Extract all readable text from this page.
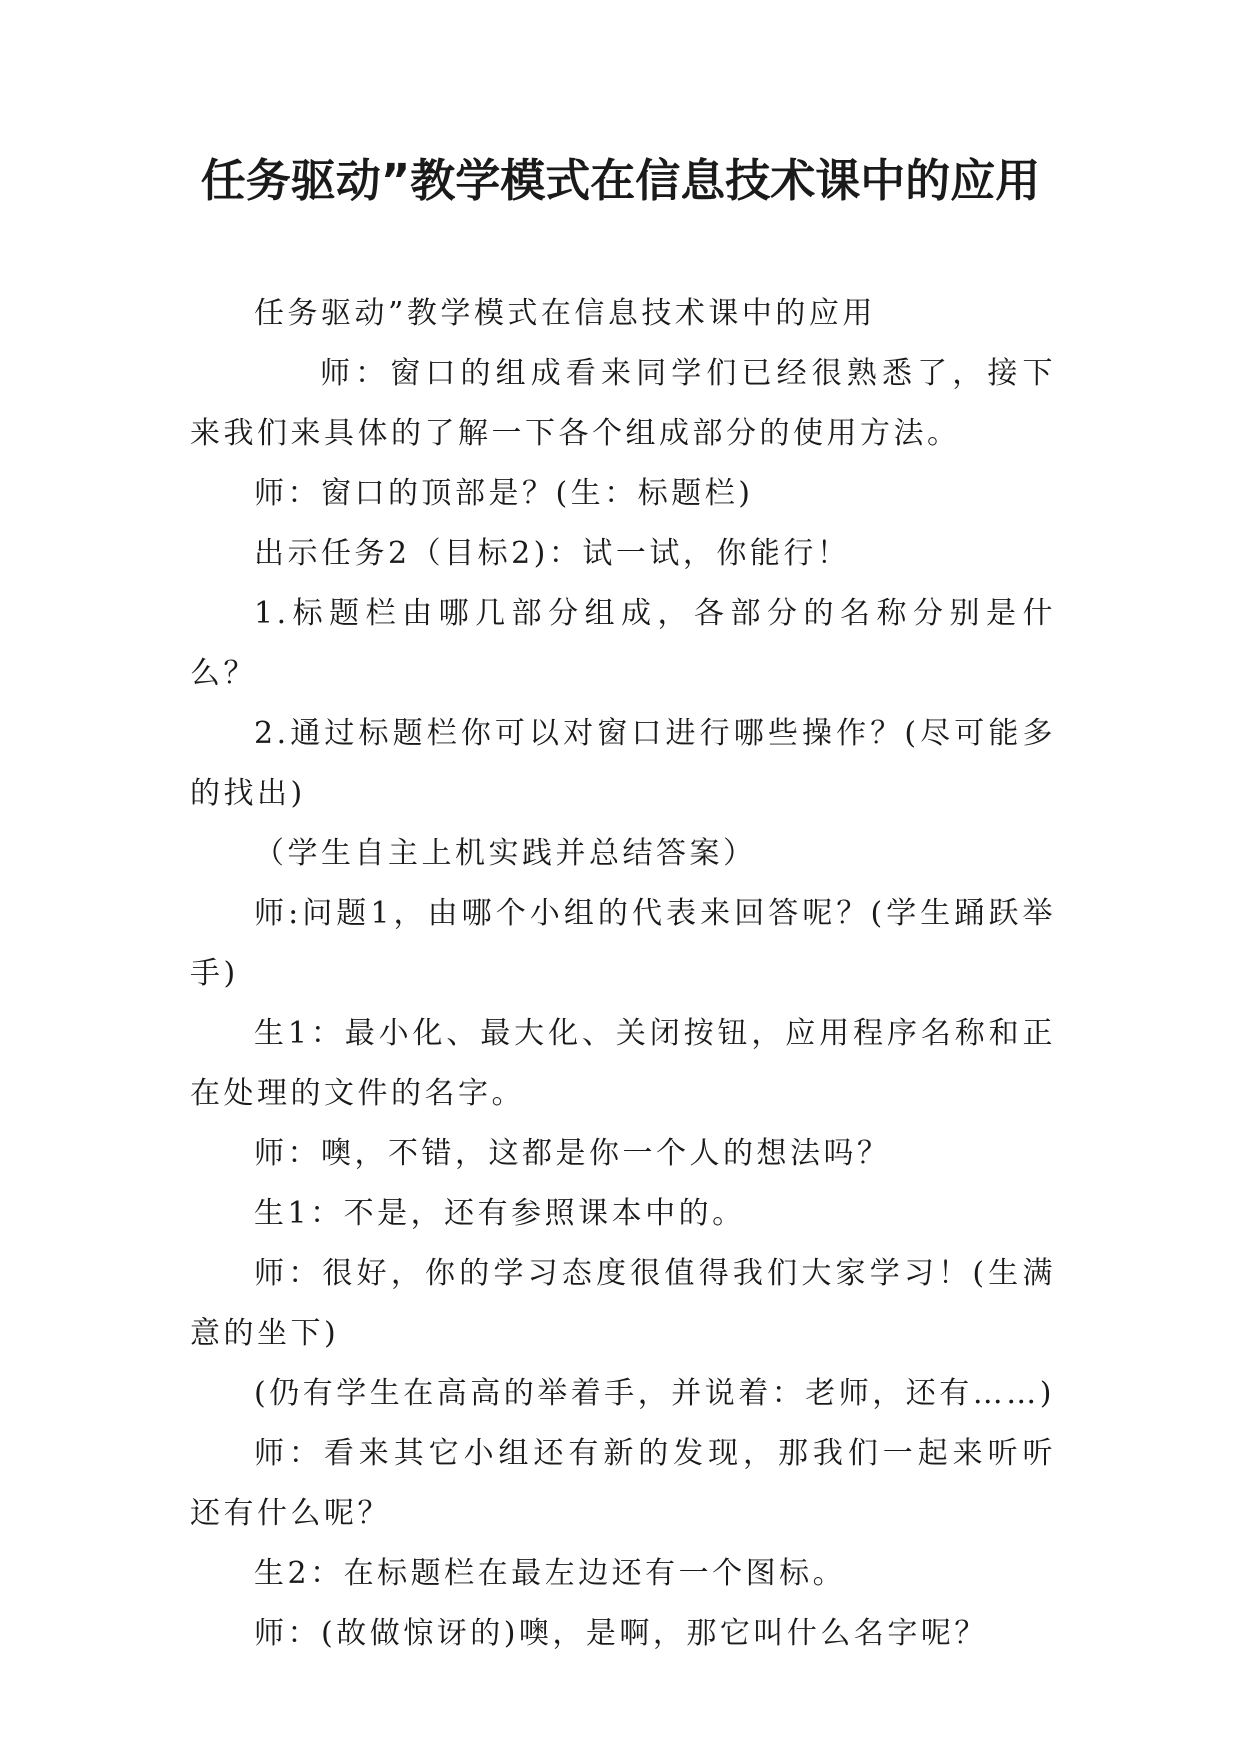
任务驱动”教学模式在信息技术课中的应用

任务驱动”教学模式在信息技术课中的应用

师：窗口的组成看来同学们已经很熟悉了，接下来我们来具体的了解一下各个组成部分的使用方法。

师：窗口的顶部是？(生：标题栏)

出示任务2（目标2)：试一试，你能行！

1.标题栏由哪几部分组成，各部分的名称分别是什么？

2.通过标题栏你可以对窗口进行哪些操作？(尽可能多的找出)

（学生自主上机实践并总结答案）

师:问题1，由哪个小组的代表来回答呢？(学生踊跃举手)

生1：最小化、最大化、关闭按钮，应用程序名称和正在处理的文件的名字。

师：噢，不错，这都是你一个人的想法吗？

生1：不是，还有参照课本中的。

师：很好，你的学习态度很值得我们大家学习！(生满意的坐下)

(仍有学生在高高的举着手，并说着：老师，还有……)

师：看来其它小组还有新的发现，那我们一起来听听还有什么呢？

生2：在标题栏在最左边还有一个图标。

师：(故做惊讶的)噢，是啊，那它叫什么名字呢？
